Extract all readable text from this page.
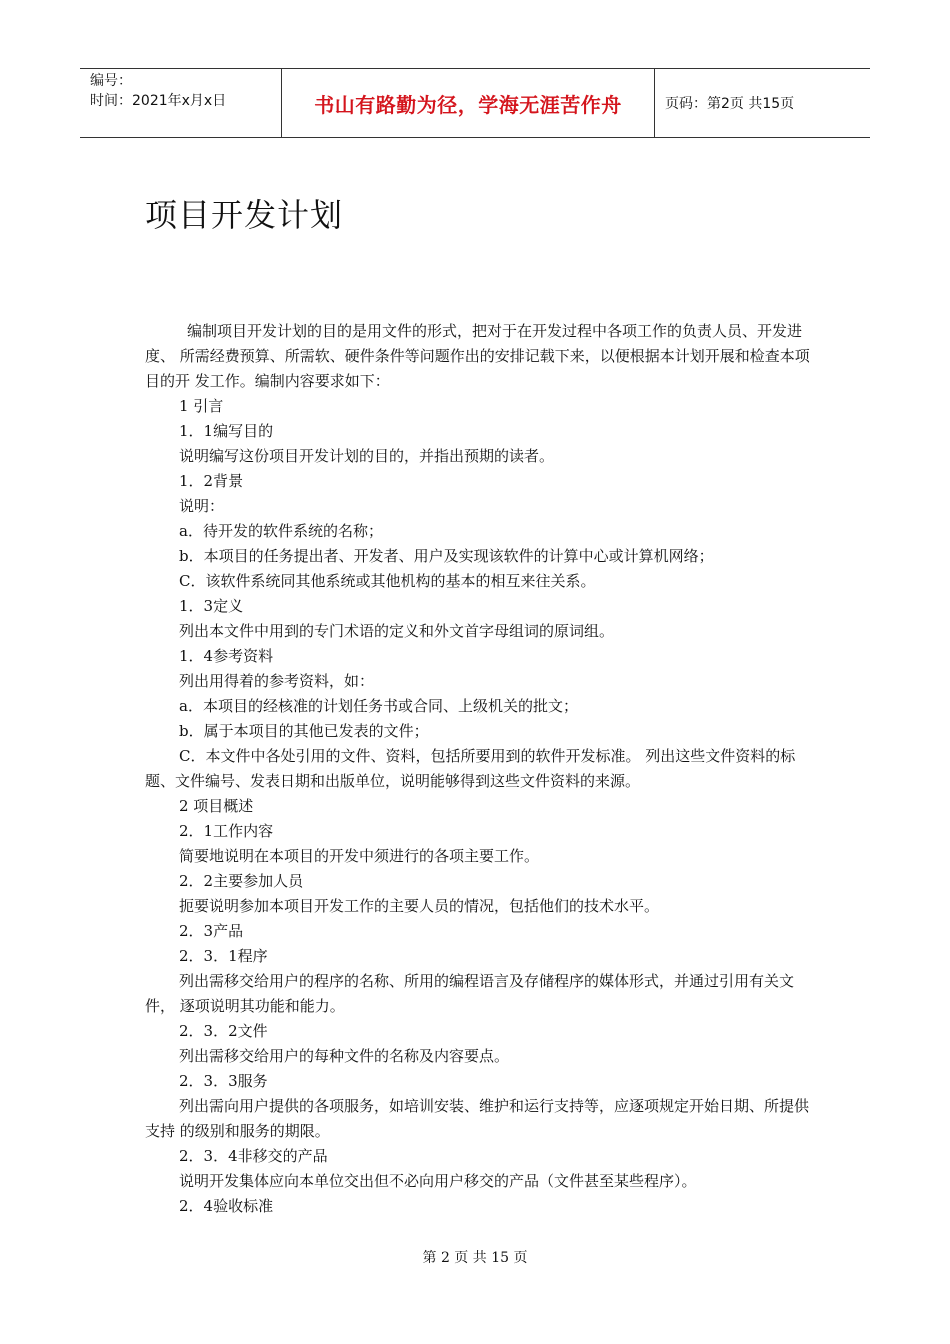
编号：
时间：2021年x月x日	书山有路勤为径，学海无涯苦作舟	页码：第2页 共15页
项目开发计划

编制项目开发计划的目的是用文件的形式，把对于在开发过程中各项工作的负责人员、开发进度、 所需经费预算、所需软、硬件条件等问题作出的安排记载下来，以便根据本计划开展和检查本项目的开 发工作。编制内容要求如下：

1 引言

1．1编写目的

说明编写这份项目开发计划的目的，并指出预期的读者。

1．2背景

说明：

a．待开发的软件系统的名称；

b．本项目的任务提出者、开发者、用户及实现该软件的计算中心或计算机网络；

C．该软件系统同其他系统或其他机构的基本的相互来往关系。

1．3定义

列出本文件中用到的专门术语的定义和外文首字母组词的原词组。

1．4参考资料

列出用得着的参考资料，如：

a．本项目的经核准的计划任务书或合同、上级机关的批文；

b．属于本项目的其他已发表的文件；

C．本文件中各处引用的文件、资料，包括所要用到的软件开发标准。 列出这些文件资料的标题、文件编号、发表日期和出版单位，说明能够得到这些文件资料的来源。

2 项目概述

2．1工作内容

简要地说明在本项目的开发中须进行的各项主要工作。

2．2主要参加人员

扼要说明参加本项目开发工作的主要人员的情况，包括他们的技术水平。

2．3产品

2．3．1程序

列出需移交给用户的程序的名称、所用的编程语言及存储程序的媒体形式，并通过引用有关文件， 逐项说明其功能和能力。

2．3．2文件

列出需移交给用户的每种文件的名称及内容要点。

2．3．3服务

列出需向用户提供的各项服务，如培训安装、维护和运行支持等，应逐项规定开始日期、所提供支持 的级别和服务的期限。

2．3．4非移交的产品

说明开发集体应向本单位交出但不必向用户移交的产品（文件甚至某些程序）。

2．4验收标准

第 2 页 共 15 页
